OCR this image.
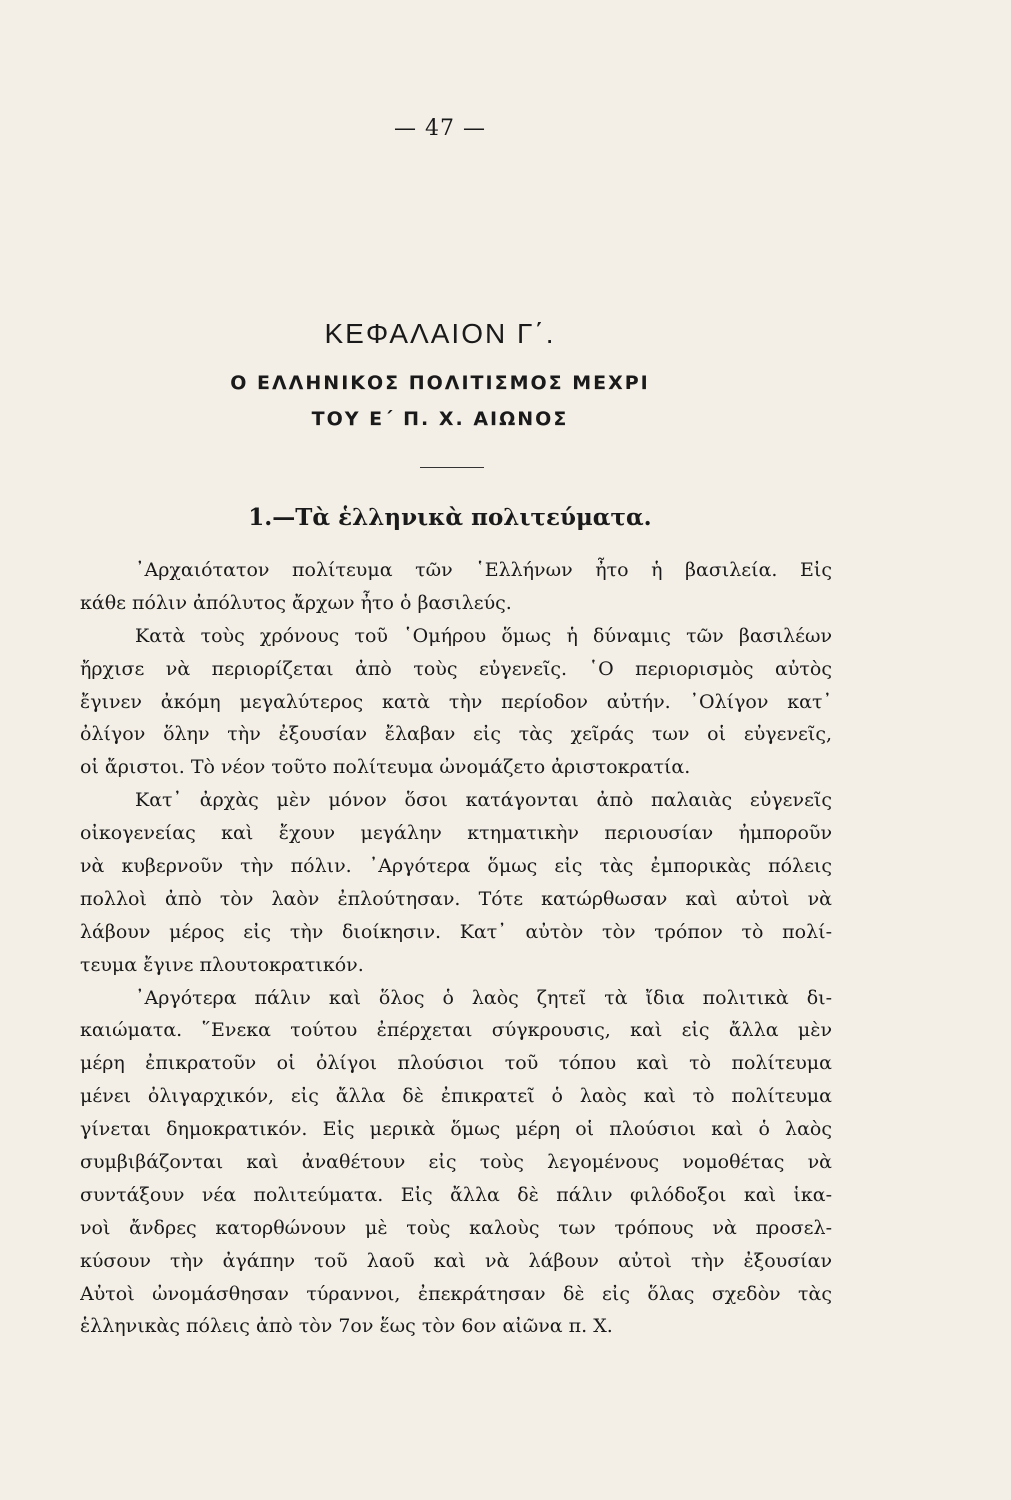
— 47 —
ΚΕΦΑΛΑΙΟΝ Γ΄.
Ο ΕΛΛΗΝΙΚΟΣ ΠΟΛΙΤΙΣΜΟΣ ΜΕΧΡΙ
ΤΟΥ Ε΄ Π. Χ. ΑΙΩΝΟΣ
1.—Τὰ ἑλληνικὰ πολιτεύματα.
᾿Αρχαιότατον πολίτευμα τῶν ῾Ελλήνων ἦτο ἡ βασιλεία. Εἰς
κάθε πόλιν ἀπόλυτος ἄρχων ἦτο ὁ βασιλεύς.
Κατὰ τοὺς χρόνους τοῦ ῾Ομήρου ὅμως ἡ δύναμις τῶν βασιλέων
ἤρχισε νὰ περιορίζεται ἀπὸ τοὺς εὐγενεῖς. ῾Ο περιορισμὸς αὐτὸς
ἔγινεν ἀκόμη μεγαλύτερος κατὰ τὴν περίοδον αὐτήν. ᾿Ολίγον κατ᾿
ὀλίγον ὅλην τὴν ἐξουσίαν ἔλαβαν εἰς τὰς χεῖράς των οἱ εὐγενεῖς,
οἱ ἄριστοι. Τὸ νέον τοῦτο πολίτευμα ὠνομάζετο ἀριστοκρατία.
Κατ᾿ ἀρχὰς μὲν μόνον ὅσοι κατάγονται ἀπὸ παλαιὰς εὐγενεῖς
οἰκογενείας καὶ ἔχουν μεγάλην κτηματικὴν περιουσίαν ἠμποροῦν
νὰ κυβερνοῦν τὴν πόλιν. ᾿Αργότερα ὅμως εἰς τὰς ἐμπορικὰς πόλεις
πολλοὶ ἀπὸ τὸν λαὸν ἐπλούτησαν. Τότε κατώρθωσαν καὶ αὐτοὶ νὰ
λάβουν μέρος εἰς τὴν διοίκησιν. Κατ᾿ αὐτὸν τὸν τρόπον τὸ πολί-
τευμα ἔγινε πλουτοκρατικόν.
᾿Αργότερα πάλιν καὶ ὅλος ὁ λαὸς ζητεῖ τὰ ἴδια πολιτικὰ δι-
καιώματα. ῞Ενεκα τούτου ἐπέρχεται σύγκρουσις, καὶ εἰς ἄλλα μὲν
μέρη ἐπικρατοῦν οἱ ὀλίγοι πλούσιοι τοῦ τόπου καὶ τὸ πολίτευμα
μένει ὀλιγαρχικόν, εἰς ἄλλα δὲ ἐπικρατεῖ ὁ λαὸς καὶ τὸ πολίτευμα
γίνεται δημοκρατικόν. Εἰς μερικὰ ὅμως μέρη οἱ πλούσιοι καὶ ὁ λαὸς
συμβιβάζονται καὶ ἀναθέτουν εἰς τοὺς λεγομένους νομοθέτας νὰ
συντάξουν νέα πολιτεύματα. Εἰς ἄλλα δὲ πάλιν φιλόδοξοι καὶ ἱκα-
νοὶ ἄνδρες κατορθώνουν μὲ τοὺς καλοὺς των τρόπους νὰ προσελ-
κύσουν τὴν ἀγάπην τοῦ λαοῦ καὶ νὰ λάβουν αὐτοὶ τὴν ἐξουσίαν
Αὐτοὶ ὠνομάσθησαν τύραννοι, ἐπεκράτησαν δὲ εἰς ὅλας σχεδὸν τὰς
ἑλληνικὰς πόλεις ἀπὸ τὸν 7ον ἕως τὸν 6ον αἰῶνα π. Χ.
